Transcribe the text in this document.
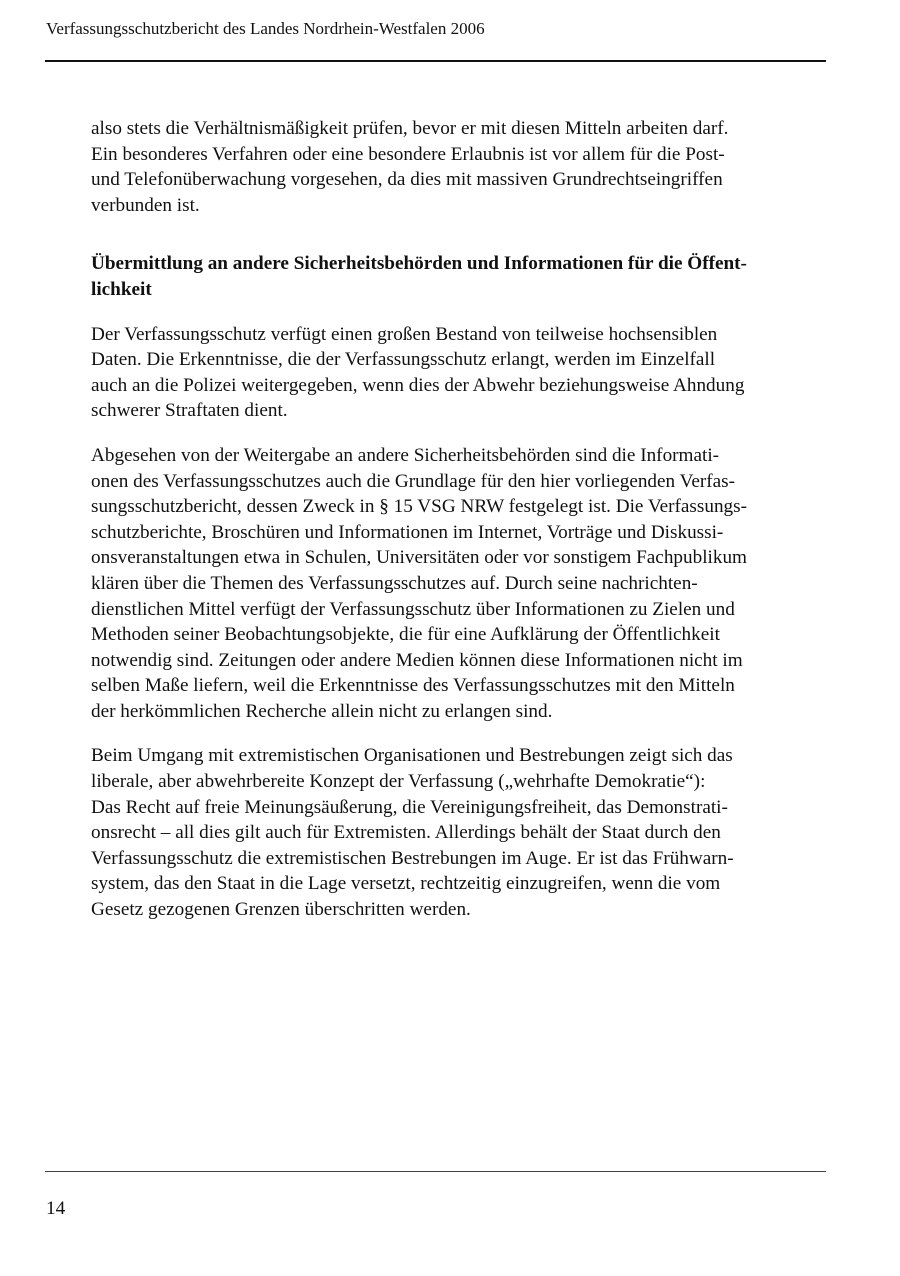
Verfassungsschutzbericht des Landes Nordrhein-Westfalen 2006

also stets die Verhältnismäßigkeit prüfen, bevor er mit diesen Mitteln arbeiten darf.
Ein besonderes Verfahren oder eine besondere Erlaubnis ist vor allem für die Post-
und Telefonüberwachung vorgesehen, da dies mit massiven Grundrechtseingriffen
verbunden ist.

Übermittlung an andere Sicherheitsbehörden und Informationen für die Öffent-
lichkeit

Der Verfassungsschutz verfügt einen großen Bestand von teilweise hochsensiblen
Daten. Die Erkenntnisse, die der Verfassungsschutz erlangt, werden im Einzelfall
auch an die Polizei weitergegeben, wenn dies der Abwehr beziehungsweise Ahndung
schwerer Straftaten dient.

Abgesehen von der Weitergabe an andere Sicherheitsbehörden sind die Informati-
onen des Verfassungsschutzes auch die Grundlage für den hier vorliegenden Verfas-
sungsschutzbericht, dessen Zweck in § 15 VSG NRW festgelegt ist. Die Verfassungs-
schutzberichte, Broschüren und Informationen im Internet, Vorträge und Diskussi-
onsveranstaltungen etwa in Schulen, Universitäten oder vor sonstigem Fachpublikum
klären über die Themen des Verfassungsschutzes auf. Durch seine nachrichten-
dienstlichen Mittel verfügt der Verfassungsschutz über Informationen zu Zielen und
Methoden seiner Beobachtungsobjekte, die für eine Aufklärung der Öffentlichkeit
notwendig sind. Zeitungen oder andere Medien können diese Informationen nicht im
selben Maße liefern, weil die Erkenntnisse des Verfassungsschutzes mit den Mitteln
der herkömmlichen Recherche allein nicht zu erlangen sind.

Beim Umgang mit extremistischen Organisationen und Bestrebungen zeigt sich das
liberale, aber abwehrbereite Konzept der Verfassung („wehrhafte Demokratie“):
Das Recht auf freie Meinungsäußerung, die Vereinigungsfreiheit, das Demonstrati-
onsrecht – all dies gilt auch für Extremisten. Allerdings behält der Staat durch den
Verfassungsschutz die extremistischen Bestrebungen im Auge. Er ist das Frühwarn-
system, das den Staat in die Lage versetzt, rechtzeitig einzugreifen, wenn die vom
Gesetz gezogenen Grenzen überschritten werden.

14
